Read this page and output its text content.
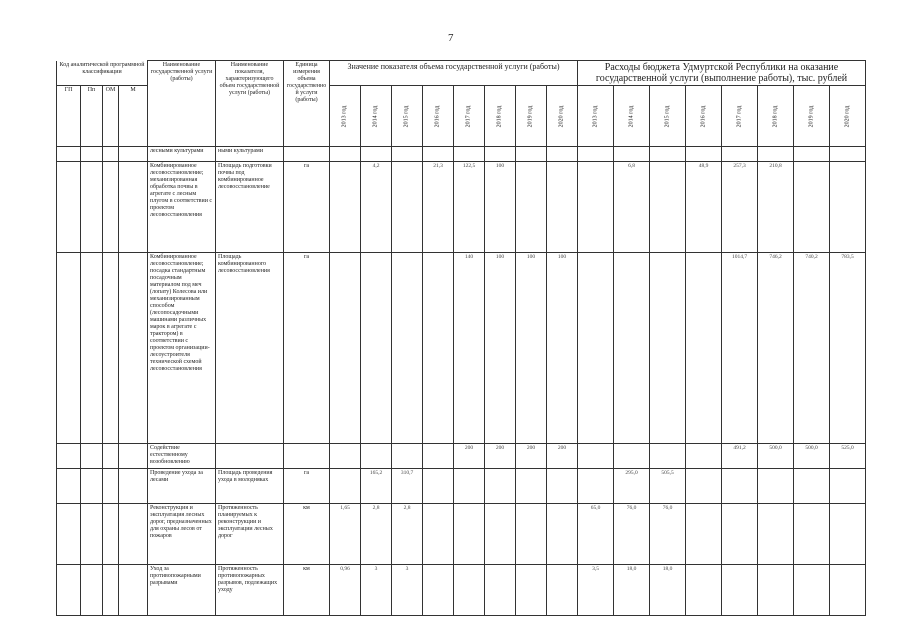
7
Код аналитической программной классификации				Наименование государственной услуги (работы)	Наименование показателя, характеризующего объем государственной услуги (работы)	Единица измерения объема государственной услуги (работы)	Значение показателя объема государственной услуги (работы)								Расходы бюджета Удмуртской Республики на оказание государственной услуги (выполнение работы), тыс. рублей							
ГП	Пп	ОМ	М				2013 год	2014 год	2015 год	2016 год	2017 год	2018 год	2019 год	2020 год	2013 год	2014 год	2015 год	2016 год	2017 год	2018 год	2019 год	2020 год
				лесными культурами	ными культурами																	
				Комбинированное лесовосстановление; механизированная обработка почвы в агрегате с лесным плугом в соответствии с проектом лесовосстановления	Площадь подготовки почвы под комбинированное лесовосстановление	га		4,2		21,3	122,5	100				6,8		48,9	257,3	210,8		
				Комбинированное лесовосстановление; посадка стандартным посадочным материалом под меч (лопату) Колесова или механизированным способом (лесопосадочными машинами различных марок в агрегате с трактором) в соответствии с проектом организации-лесоустроителя технической схемой лесовосстановления	Площадь комбинированного лесовосстановления	га					140	100	100	100					1014,7	746,2	740,2	783,5
				Содействие естественному возобновлению							200	200	200	200					491,2	500,0	500,0	525,0
				Проведение ухода за лесами	Площадь проведения ухода в молодняках	га		165,2	310,7							295,0	505,5					
				Реконструкция и эксплуатация лесных дорог, предназначенных для охраны лесов от пожаров	Протяженность планируемых к реконструкции и эксплуатации лесных дорог	км	1,65	2,8	2,8						65,0	76,0	76,0					
				Уход за противопожарными разрывами	Протяженность противопожарных разрывов, подлежащих уходу	км	0,96	3	3						3,5	18,0	18,0					
